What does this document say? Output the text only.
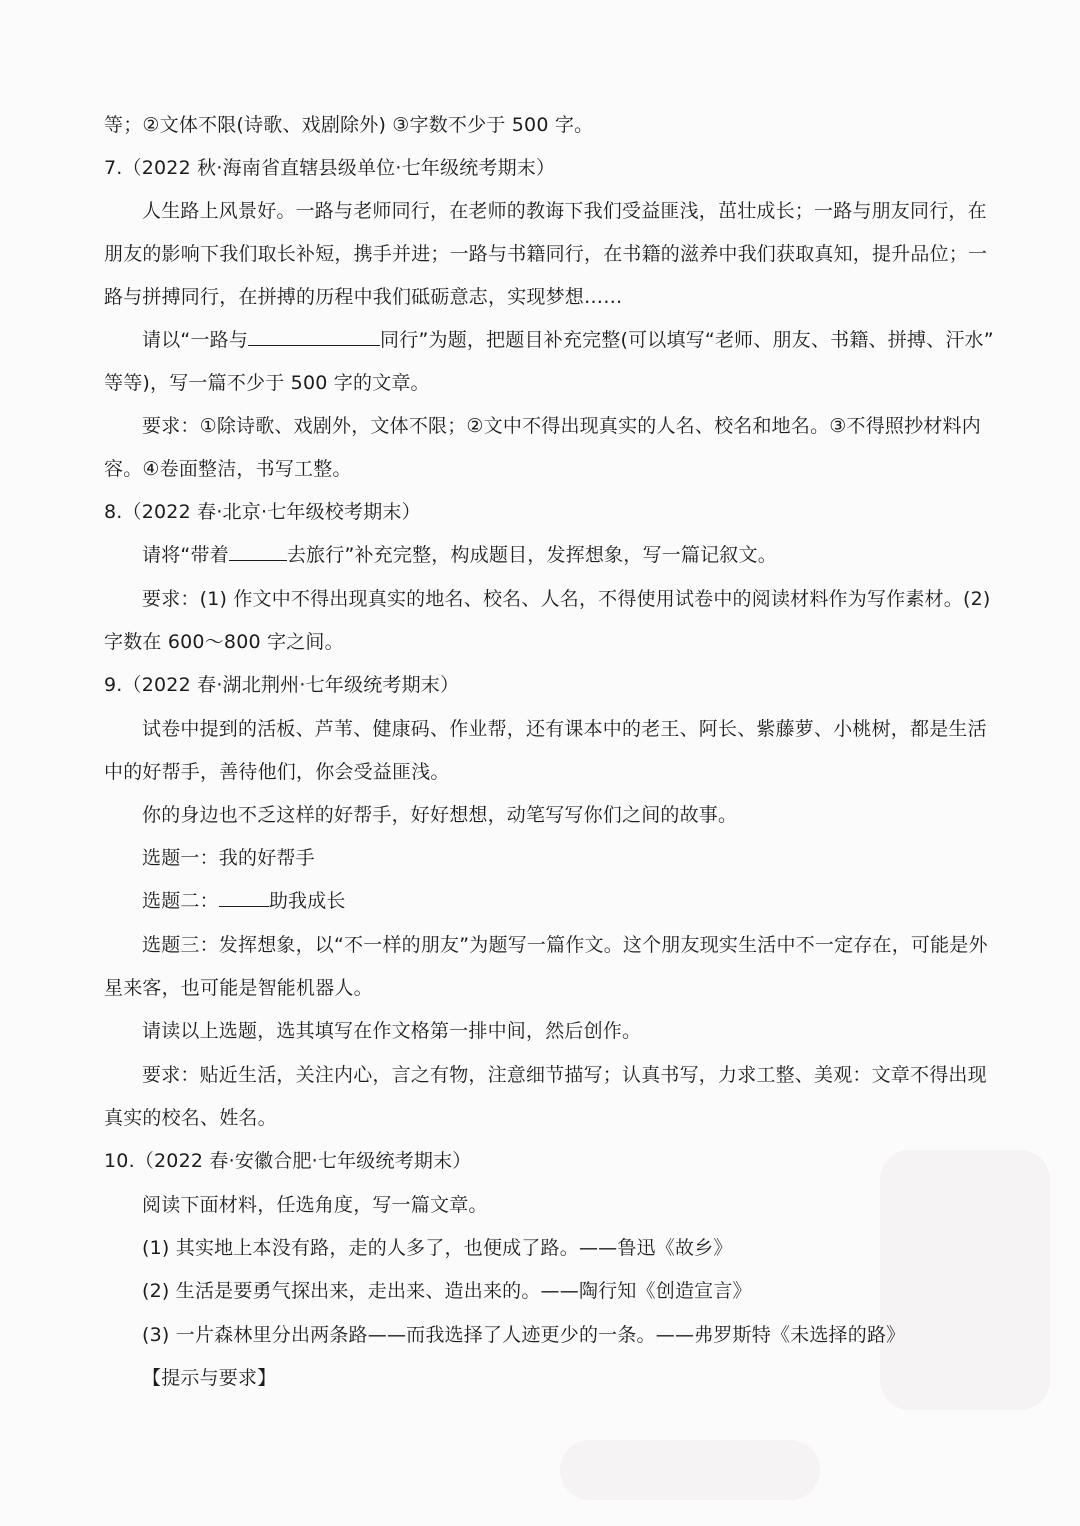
等；②文体不限(诗歌、戏剧除外) ③字数不少于 500 字。
7.（2022 秋·海南省直辖县级单位·七年级统考期末）
人生路上风景好。一路与老师同行，在老师的教诲下我们受益匪浅，茁壮成长；一路与朋友同行，在
朋友的影响下我们取长补短，携手并进；一路与书籍同行，在书籍的滋养中我们获取真知，提升品位；一
路与拼搏同行，在拼搏的历程中我们砥砺意志，实现梦想……
请以“一路与	同行”为题，把题目补充完整(可以填写“老师、朋友、书籍、拼搏、汗水”
等等)，写一篇不少于 500 字的文章。
要求：①除诗歌、戏剧外，文体不限；②文中不得出现真实的人名、校名和地名。③不得照抄材料内
容。④卷面整洁，书写工整。
8.（2022 春·北京·七年级校考期末）
请将“带着	去旅行”补充完整，构成题目，发挥想象，写一篇记叙文。
要求：(1) 作文中不得出现真实的地名、校名、人名，不得使用试卷中的阅读材料作为写作素材。(2)
字数在 600～800 字之间。
9.（2022 春·湖北荆州·七年级统考期末）
试卷中提到的活板、芦苇、健康码、作业帮，还有课本中的老王、阿长、紫藤萝、小桃树，都是生活
中的好帮手，善待他们，你会受益匪浅。
你的身边也不乏这样的好帮手，好好想想，动笔写写你们之间的故事。
选题一：我的好帮手
选题二：	助我成长
选题三：发挥想象，以“不一样的朋友”为题写一篇作文。这个朋友现实生活中不一定存在，可能是外
星来客，也可能是智能机器人。
请读以上选题，选其填写在作文格第一排中间，然后创作。
要求：贴近生活，关注内心，言之有物，注意细节描写；认真书写，力求工整、美观：文章不得出现
真实的校名、姓名。
10.（2022 春·安徽合肥·七年级统考期末）
阅读下面材料，任选角度，写一篇文章。
(1) 其实地上本没有路，走的人多了，也便成了路。——鲁迅《故乡》
(2) 生活是要勇气探出来，走出来、造出来的。——陶行知《创造宣言》
(3) 一片森林里分出两条路——而我选择了人迹更少的一条。——弗罗斯特《未选择的路》
【提示与要求】
